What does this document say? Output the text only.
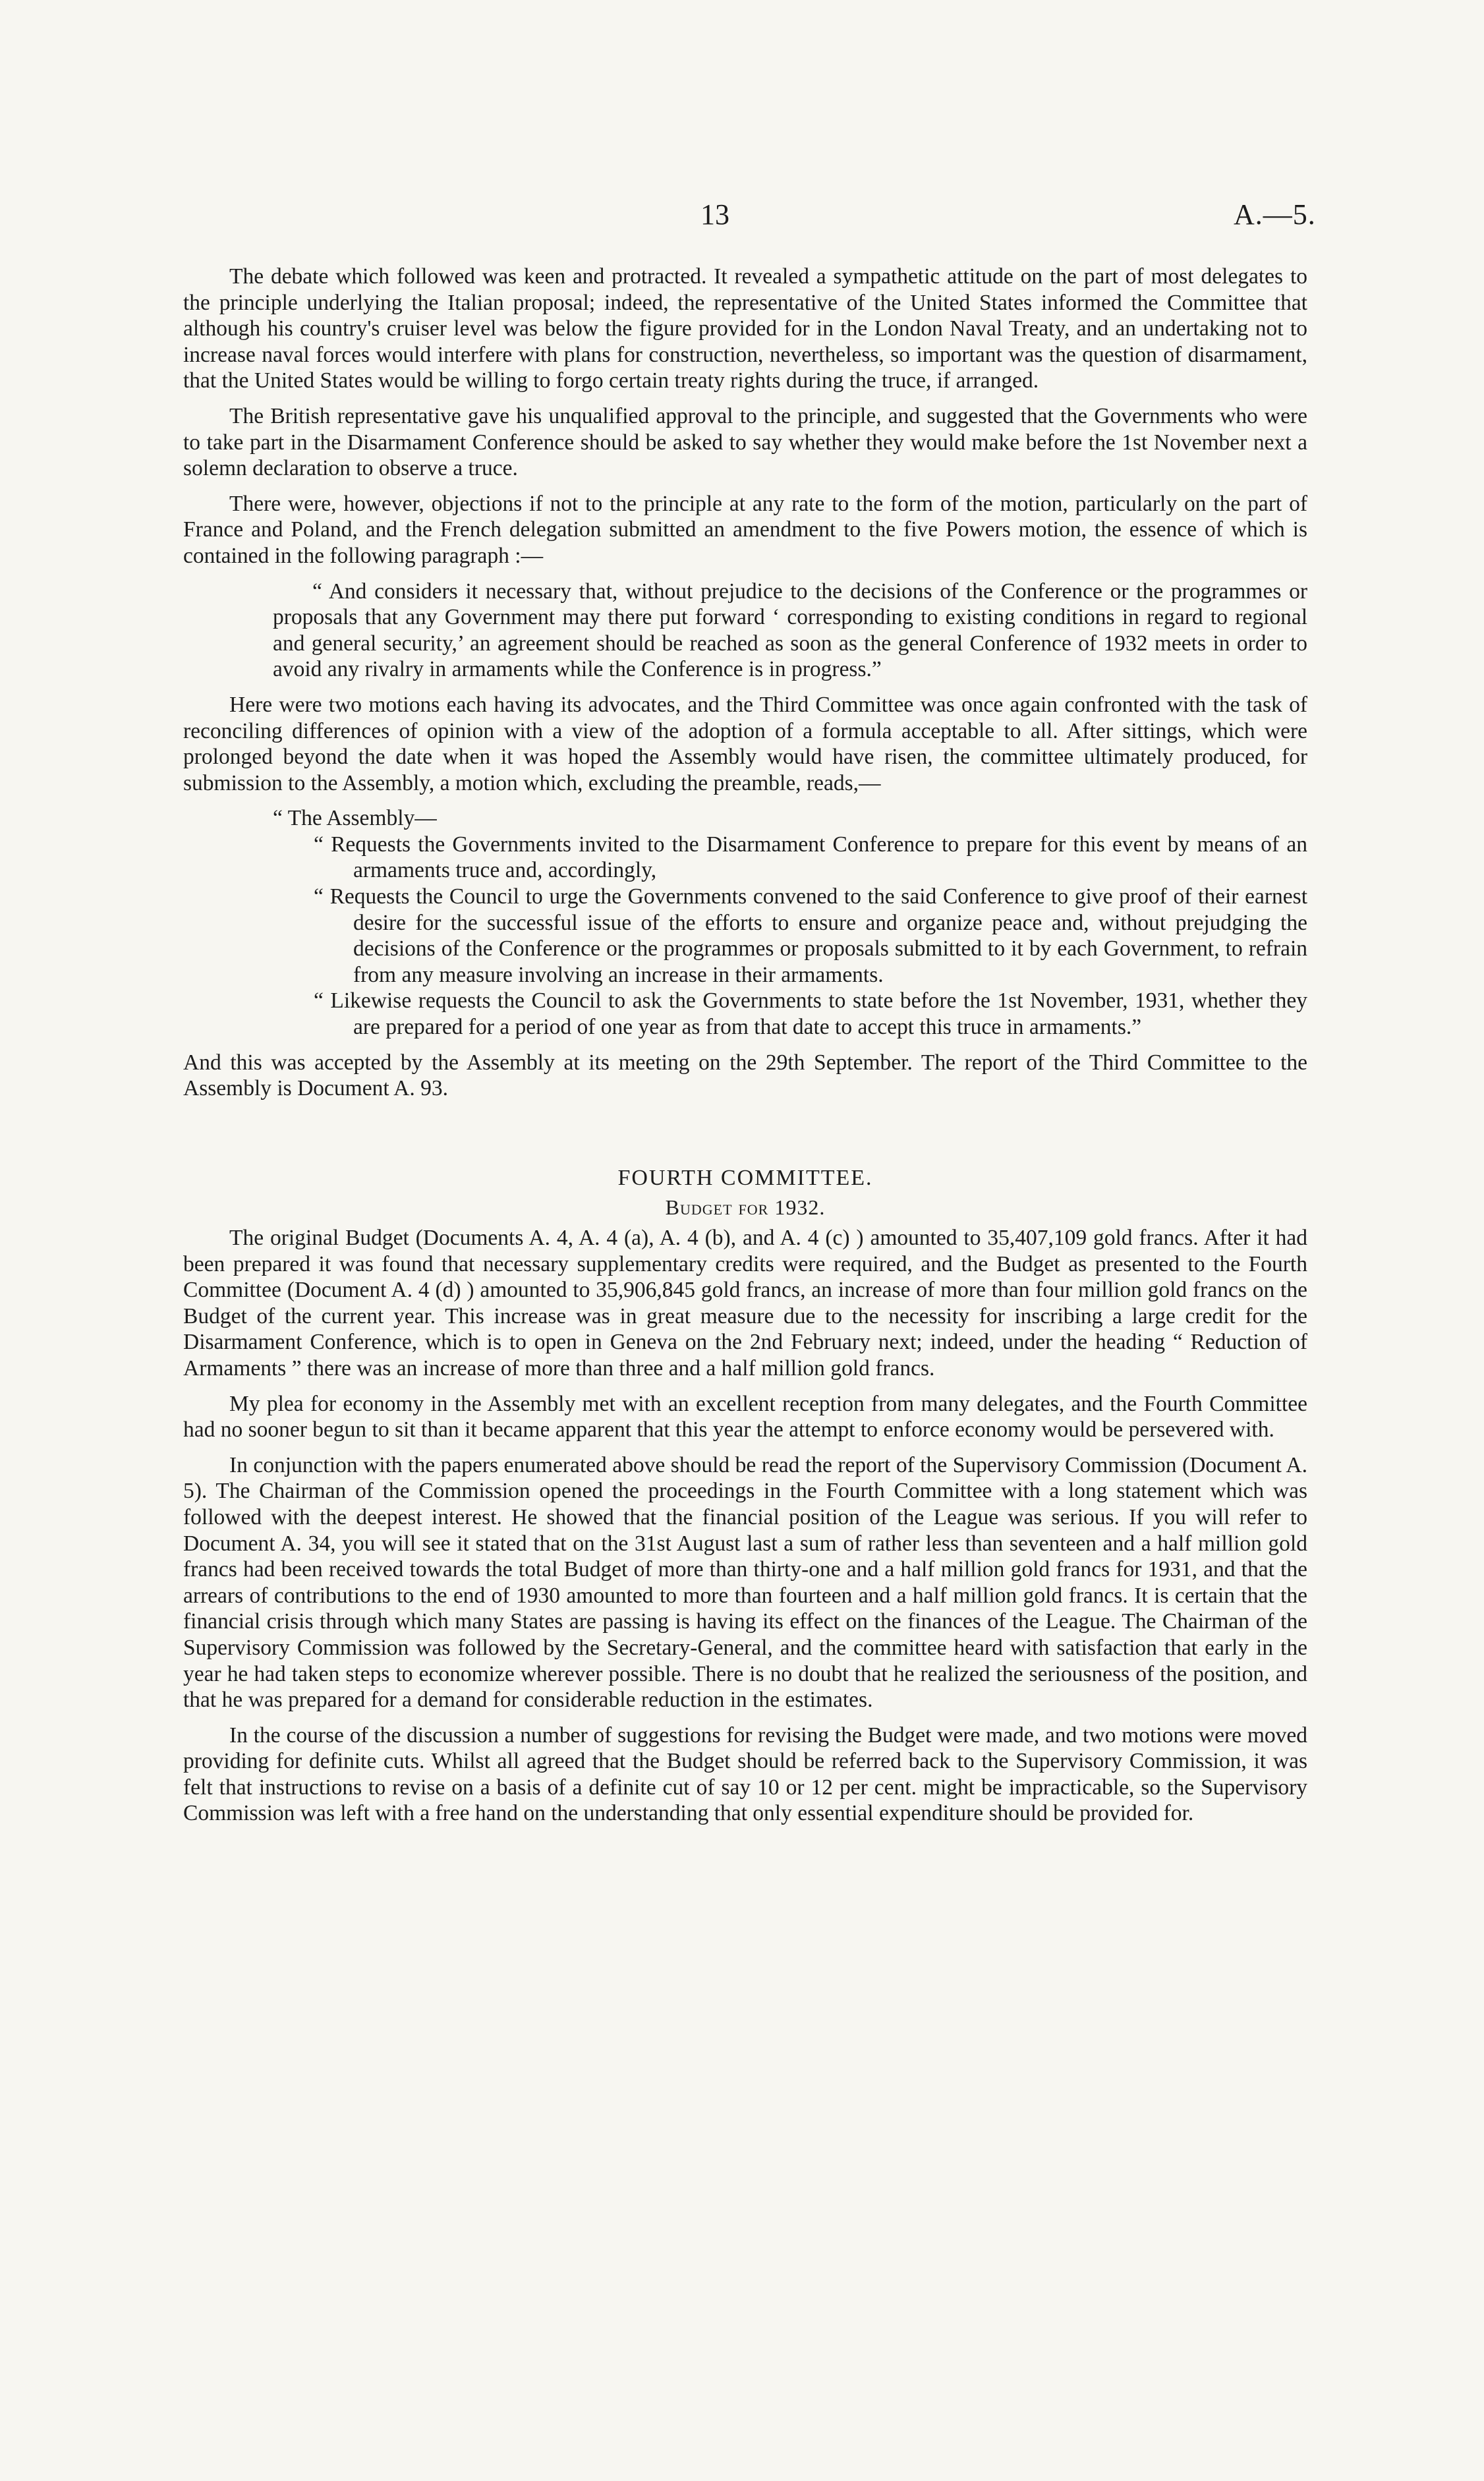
13	A.—5.

The debate which followed was keen and protracted. It revealed a sympathetic attitude on the part of most delegates to the principle underlying the Italian proposal; indeed, the representative of the United States informed the Committee that although his country's cruiser level was below the figure provided for in the London Naval Treaty, and an undertaking not to increase naval forces would interfere with plans for construction, nevertheless, so important was the question of disarmament, that the United States would be willing to forgo certain treaty rights during the truce, if arranged.

The British representative gave his unqualified approval to the principle, and suggested that the Governments who were to take part in the Disarmament Conference should be asked to say whether they would make before the 1st November next a solemn declaration to observe a truce.

There were, however, objections if not to the principle at any rate to the form of the motion, particularly on the part of France and Poland, and the French delegation submitted an amendment to the five Powers motion, the essence of which is contained in the following paragraph :—

“ And considers it necessary that, without prejudice to the decisions of the Conference or the programmes or proposals that any Government may there put forward ‘ corresponding to existing conditions in regard to regional and general security,’ an agreement should be reached as soon as the general Conference of 1932 meets in order to avoid any rivalry in armaments while the Conference is in progress.”

Here were two motions each having its advocates, and the Third Committee was once again confronted with the task of reconciling differences of opinion with a view of the adoption of a formula acceptable to all. After sittings, which were prolonged beyond the date when it was hoped the Assembly would have risen, the committee ultimately produced, for submission to the Assembly, a motion which, excluding the preamble, reads,—

“ The Assembly—
“ Requests the Governments invited to the Disarmament Conference to prepare for this event by means of an armaments truce and, accordingly,
“ Requests the Council to urge the Governments convened to the said Conference to give proof of their earnest desire for the successful issue of the efforts to ensure and organize peace and, without prejudging the decisions of the Conference or the programmes or proposals submitted to it by each Government, to refrain from any measure involving an increase in their armaments.
“ Likewise requests the Council to ask the Governments to state before the 1st November, 1931, whether they are prepared for a period of one year as from that date to accept this truce in armaments.”

And this was accepted by the Assembly at its meeting on the 29th September. The report of the Third Committee to the Assembly is Document A. 93.

FOURTH COMMITTEE.
Budget for 1932.

The original Budget (Documents A. 4, A. 4 (a), A. 4 (b), and A. 4 (c) ) amounted to 35,407,109 gold francs. After it had been prepared it was found that necessary supplementary credits were required, and the Budget as presented to the Fourth Committee (Document A. 4 (d) ) amounted to 35,906,845 gold francs, an increase of more than four million gold francs on the Budget of the current year. This increase was in great measure due to the necessity for inscribing a large credit for the Disarmament Conference, which is to open in Geneva on the 2nd February next; indeed, under the heading “ Reduction of Armaments ” there was an increase of more than three and a half million gold francs.

My plea for economy in the Assembly met with an excellent reception from many delegates, and the Fourth Committee had no sooner begun to sit than it became apparent that this year the attempt to enforce economy would be persevered with.

In conjunction with the papers enumerated above should be read the report of the Supervisory Commission (Document A. 5). The Chairman of the Commission opened the proceedings in the Fourth Committee with a long statement which was followed with the deepest interest. He showed that the financial position of the League was serious. If you will refer to Document A. 34, you will see it stated that on the 31st August last a sum of rather less than seventeen and a half million gold francs had been received towards the total Budget of more than thirty-one and a half million gold francs for 1931, and that the arrears of contributions to the end of 1930 amounted to more than fourteen and a half million gold francs. It is certain that the financial crisis through which many States are passing is having its effect on the finances of the League. The Chairman of the Supervisory Commission was followed by the Secretary-General, and the committee heard with satisfaction that early in the year he had taken steps to economize wherever possible. There is no doubt that he realized the seriousness of the position, and that he was prepared for a demand for considerable reduction in the estimates.

In the course of the discussion a number of suggestions for revising the Budget were made, and two motions were moved providing for definite cuts. Whilst all agreed that the Budget should be referred back to the Supervisory Commission, it was felt that instructions to revise on a basis of a definite cut of say 10 or 12 per cent. might be impracticable, so the Supervisory Commission was left with a free hand on the understanding that only essential expenditure should be provided for.
